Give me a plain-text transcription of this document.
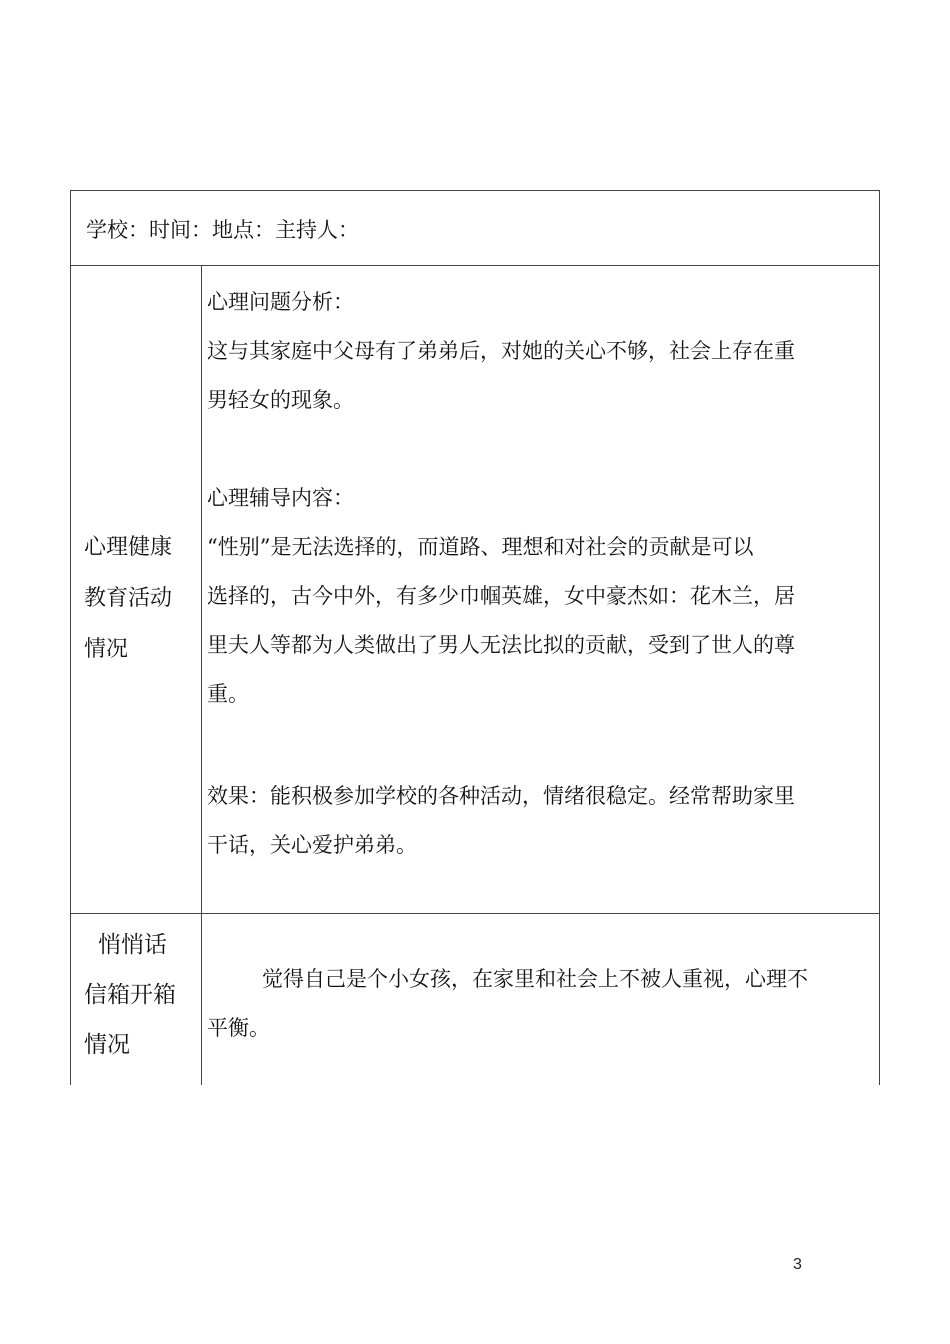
学校：时间：地点：主持人：
心理健康
教育活动
情况
心理问题分析：
这与其家庭中父母有了弟弟后，对她的关心不够，社会上存在重
男轻女的现象。
心理辅导内容：
“性别”是无法选择的，而道路、理想和对社会的贡献是可以
选择的，古今中外，有多少巾帼英雄，女中豪杰如：花木兰，居
里夫人等都为人类做出了男人无法比拟的贡献，受到了世人的尊
重。
效果：能积极参加学校的各种活动，情绪很稳定。经常帮助家里
干话，关心爱护弟弟。
悄悄话
信箱开箱
情况
觉得自己是个小女孩，在家里和社会上不被人重视，心理不
平衡。
3
